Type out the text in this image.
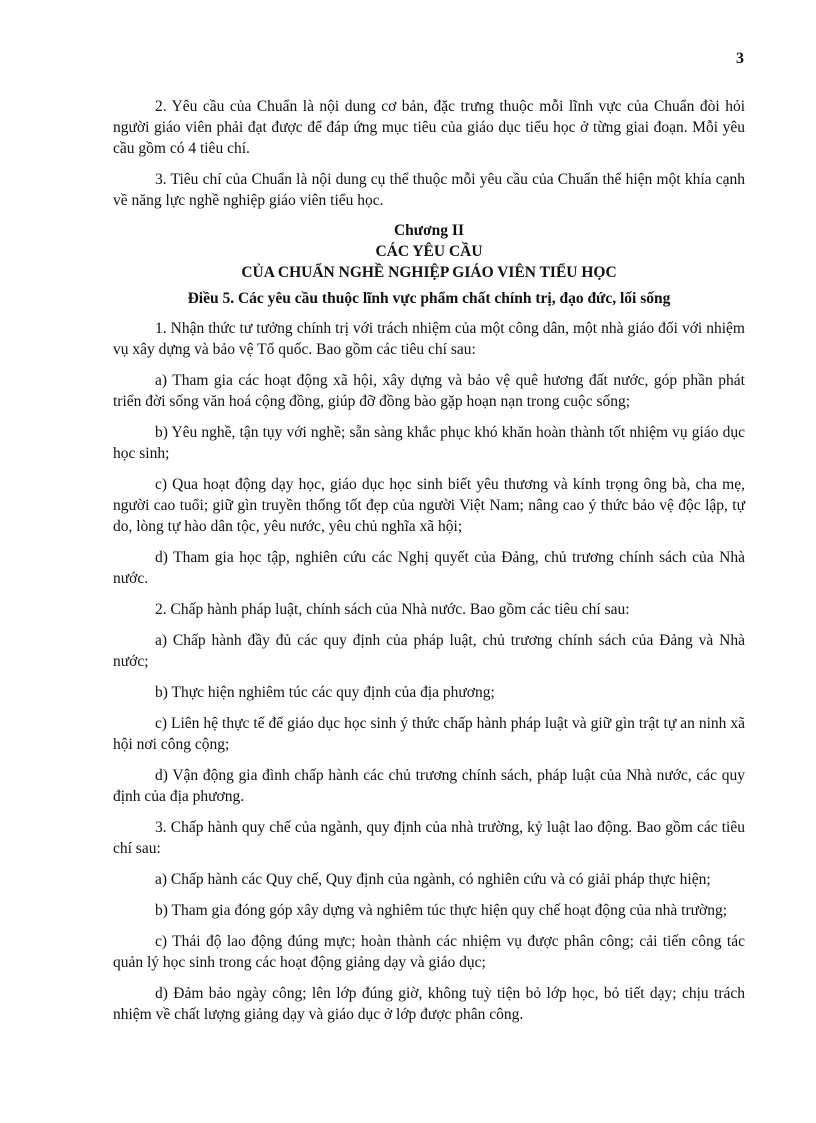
3

2. Yêu cầu của Chuẩn là nội dung cơ bản, đặc trưng thuộc mỗi lĩnh vực của Chuẩn đòi hỏi người giáo viên phải đạt được để đáp ứng mục tiêu của giáo dục tiểu học ở từng giai đoạn. Mỗi yêu cầu gồm có 4 tiêu chí.

3. Tiêu chí của Chuẩn là nội dung cụ thể thuộc mỗi yêu cầu của Chuẩn thể hiện một khía cạnh về năng lực nghề nghiệp giáo viên tiểu học.

Chương II

CÁC YÊU CẦU

CỦA CHUẨN NGHỀ NGHIỆP GIÁO VIÊN TIỂU HỌC

Điều 5. Các yêu cầu thuộc lĩnh vực phẩm chất chính trị, đạo đức, lối sống

1. Nhận thức tư tưởng chính trị với trách nhiệm của một công dân, một nhà giáo đối với nhiệm vụ xây dựng và bảo vệ Tổ quốc. Bao gồm các tiêu chí sau:

a) Tham gia các hoạt động xã hội, xây dựng và bảo vệ quê hương đất nước, góp phần phát triển đời sống văn hoá cộng đồng, giúp đỡ đồng bào gặp hoạn nạn trong cuộc sống;

b) Yêu nghề, tận tụy với nghề; sẵn sàng khắc phục khó khăn hoàn thành tốt nhiệm vụ giáo dục học sinh;

c) Qua hoạt động dạy học, giáo dục học sinh biết yêu thương và kính trọng ông bà, cha mẹ, người cao tuổi; giữ gìn truyền thống tốt đẹp của người Việt Nam; nâng cao ý thức bảo vệ độc lập, tự do, lòng tự hào dân tộc, yêu nước, yêu chủ nghĩa xã hội;

d) Tham gia học tập, nghiên cứu các Nghị quyết của Đảng, chủ trương chính sách của Nhà nước.

2. Chấp hành pháp luật, chính sách của Nhà nước. Bao gồm các tiêu chí sau:

a) Chấp hành đầy đủ các quy định của pháp luật, chủ trương chính sách của Đảng và Nhà nước;

b) Thực hiện nghiêm túc các quy định của địa phương;

c) Liên hệ thực tế để giáo dục học sinh ý thức chấp hành pháp luật và giữ gìn trật tự an ninh xã hội nơi công cộng;

d) Vận động gia đình chấp hành các chủ trương chính sách, pháp luật của Nhà nước, các quy định của địa phương.

3. Chấp hành quy chế của ngành, quy định của nhà trường, kỷ luật lao động. Bao gồm các tiêu chí sau:

a) Chấp hành các Quy chế, Quy định của ngành, có nghiên cứu và có giải pháp thực hiện;

b) Tham gia đóng góp xây dựng và nghiêm túc thực hiện quy chế hoạt động của nhà trường;

c) Thái độ lao động đúng mực; hoàn thành các nhiệm vụ được phân công; cải tiến công tác quản lý học sinh trong các hoạt động giảng dạy và giáo dục;

d) Đảm bảo ngày công; lên lớp đúng giờ, không tuỳ tiện bỏ lớp học, bỏ tiết dạy; chịu trách nhiệm về chất lượng giảng dạy và giáo dục ở lớp được phân công.
